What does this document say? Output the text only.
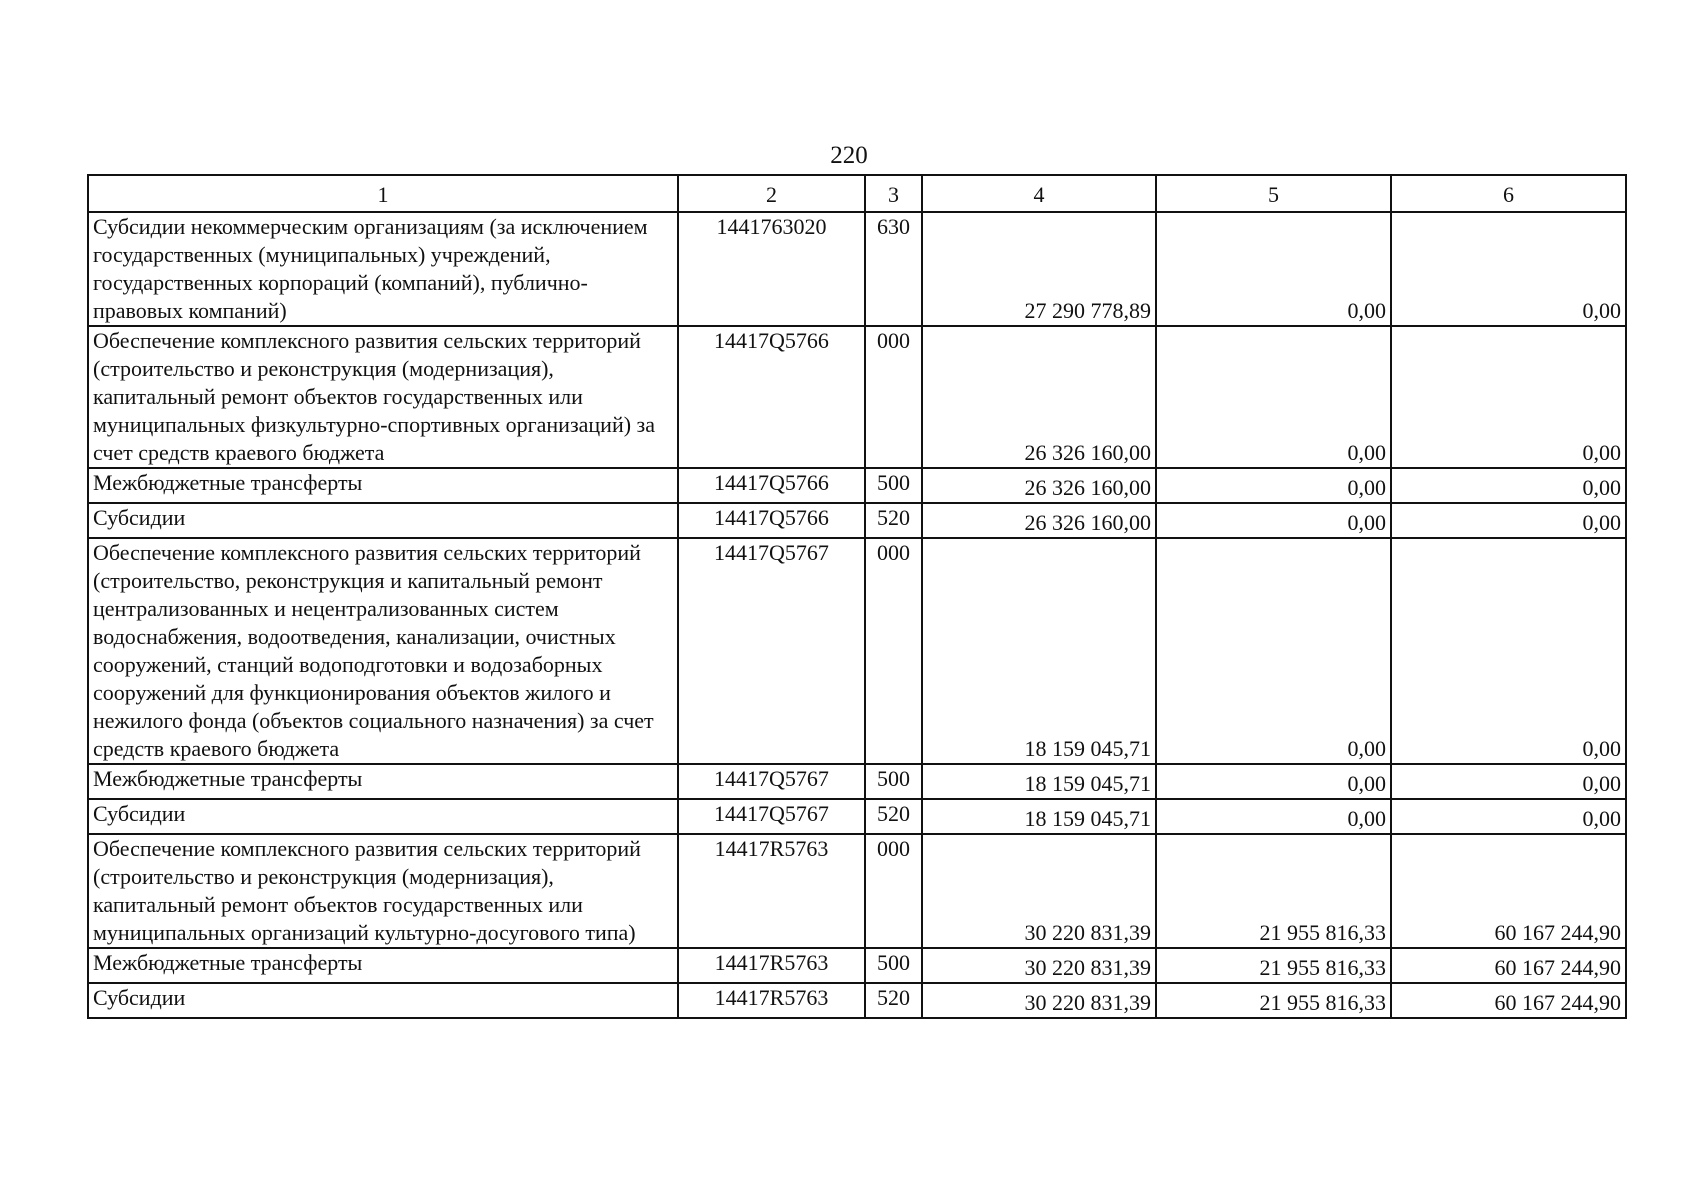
220
1	2	3	4	5	6
Субсидии некоммерческим организациям (за исключением государственных (муниципальных) учреждений, государственных корпораций (компаний), публично-правовых компаний)	1441763020	630	27 290 778,89	0,00	0,00
Обеспечение комплексного развития сельских территорий (строительство и реконструкция (модернизация), капитальный ремонт объектов государственных или муниципальных физкультурно-спортивных организаций) за счет средств краевого бюджета	14417Q5766	000	26 326 160,00	0,00	0,00
Межбюджетные трансферты	14417Q5766	500	26 326 160,00	0,00	0,00
Субсидии	14417Q5766	520	26 326 160,00	0,00	0,00
Обеспечение комплексного развития сельских территорий (строительство, реконструкция и капитальный ремонт централизованных и нецентрализованных систем водоснабжения, водоотведения, канализации, очистных сооружений, станций водоподготовки и водозаборных сооружений для функционирования объектов жилого и нежилого фонда (объектов социального назначения) за счет средств краевого бюджета	14417Q5767	000	18 159 045,71	0,00	0,00
Межбюджетные трансферты	14417Q5767	500	18 159 045,71	0,00	0,00
Субсидии	14417Q5767	520	18 159 045,71	0,00	0,00
Обеспечение комплексного развития сельских территорий (строительство и реконструкция (модернизация), капитальный ремонт объектов государственных или муниципальных организаций культурно-досугового типа)	14417R5763	000	30 220 831,39	21 955 816,33	60 167 244,90
Межбюджетные трансферты	14417R5763	500	30 220 831,39	21 955 816,33	60 167 244,90
Субсидии	14417R5763	520	30 220 831,39	21 955 816,33	60 167 244,90
